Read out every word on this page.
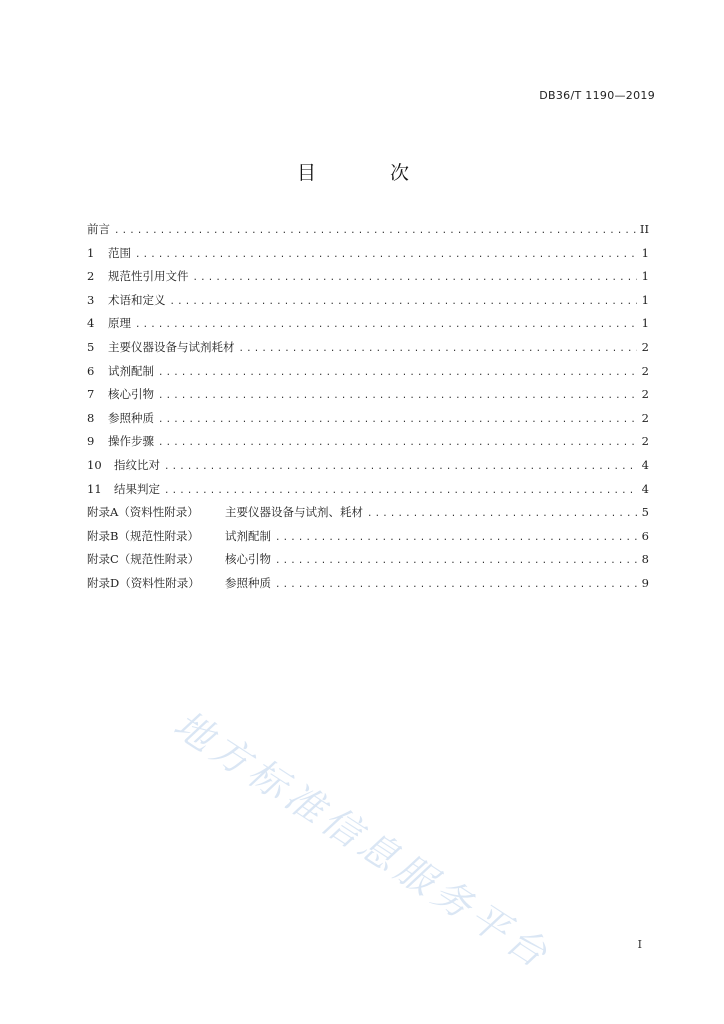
DB36/T 1190—2019
目 次
前言 .....	II
1	范围 .....	1
2	规范性引用文件 .....	1
3	术语和定义 .....	1
4	原理 .....	1
5	主要仪器设备与试剂耗材 .....	2
6	试剂配制 .....	2
7	核心引物 .....	2
8	参照种质 .....	2
9	操作步骤 .....	2
10	指纹比对 .....	4
11	结果判定 .....	4
附录A（资料性附录）	主要仪器设备与试剂、耗材 .....	5
附录B（规范性附录）	试剂配制 .....	6
附录C（规范性附录）	核心引物 .....	8
附录D（资料性附录）	参照种质 .....	9
地方标准信息服务平台	I
